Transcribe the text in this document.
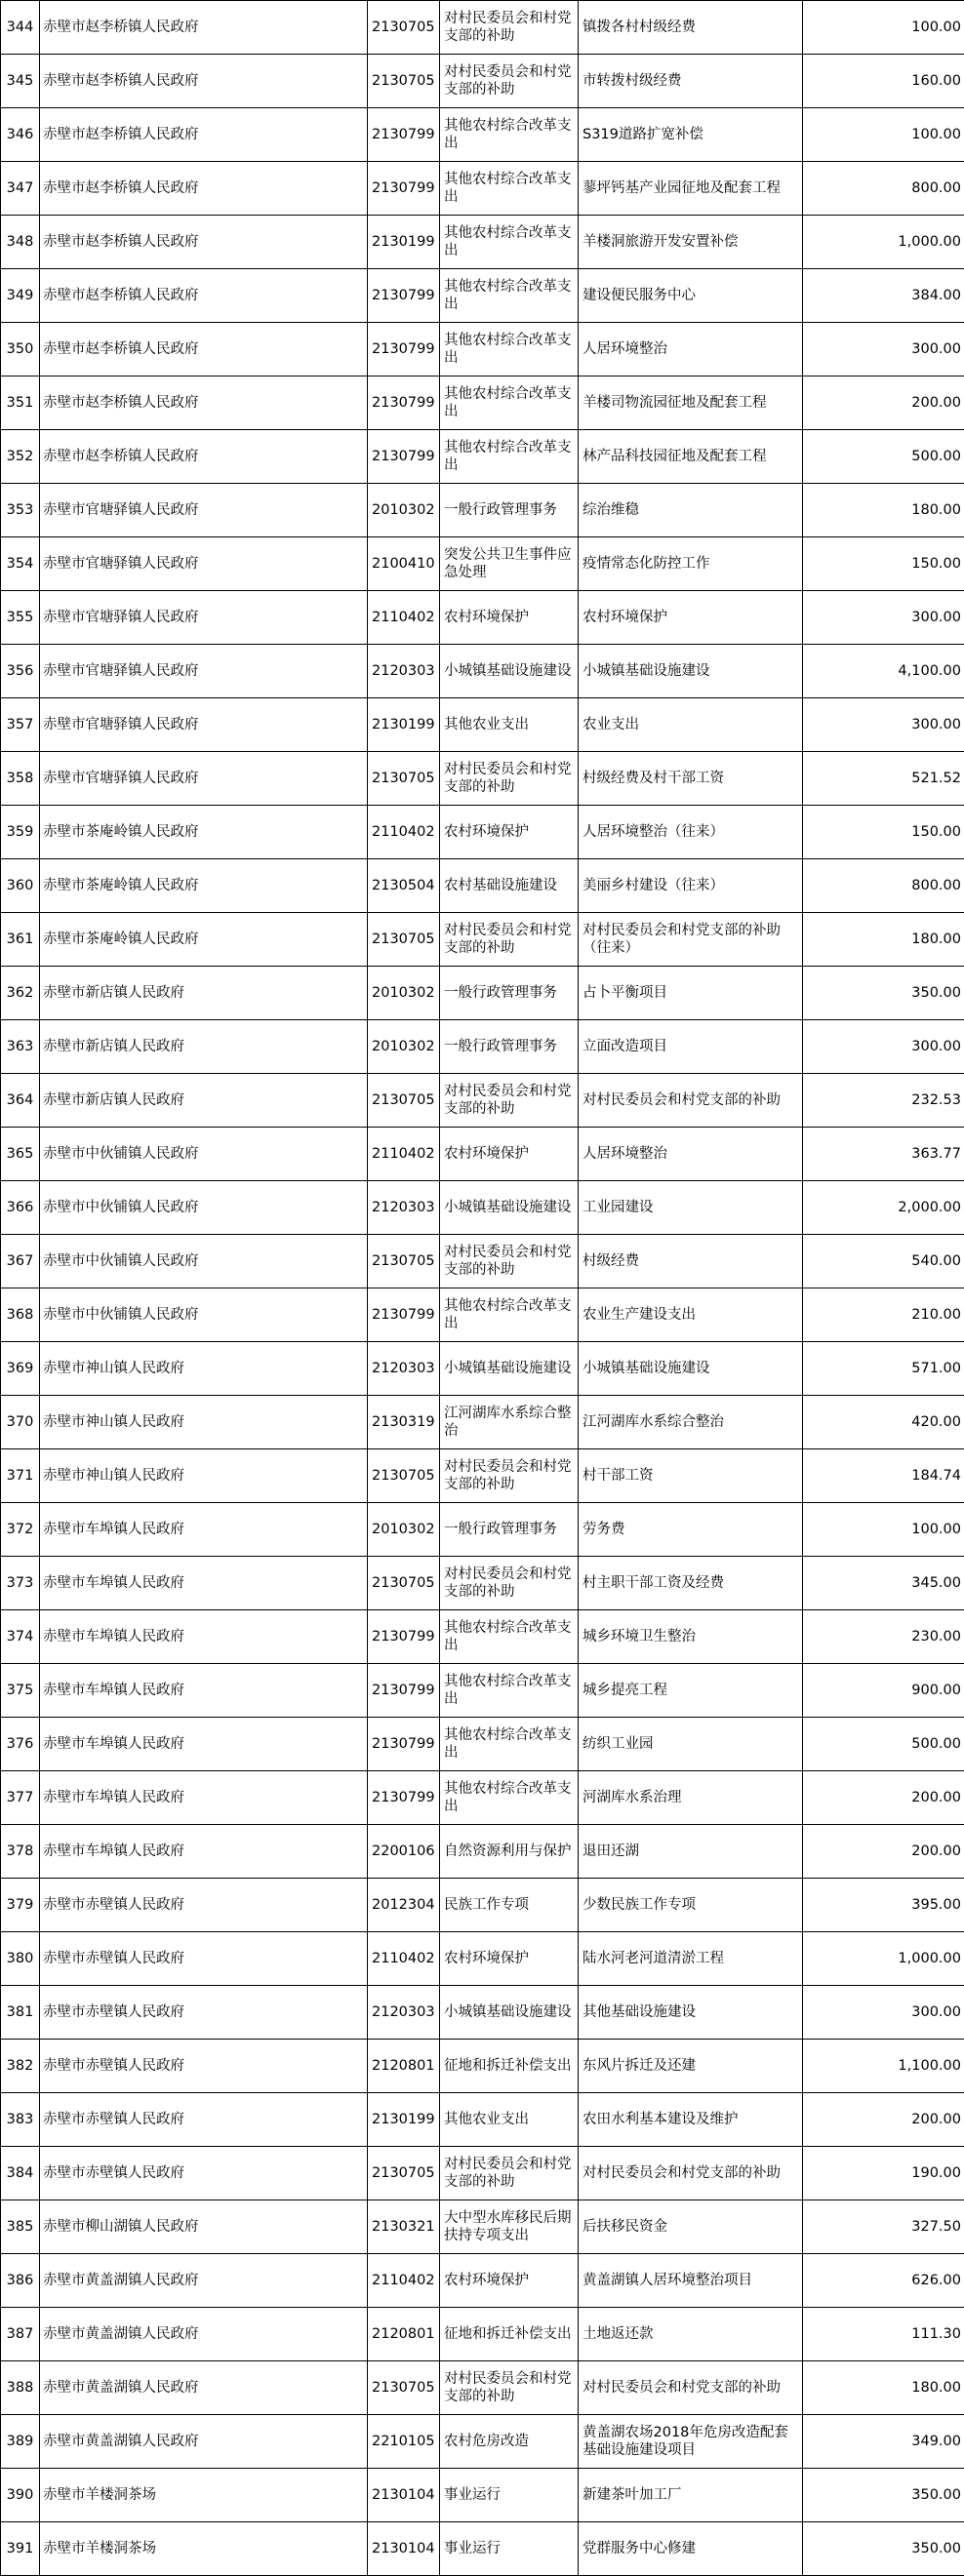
344	赤壁市赵李桥镇人民政府	2130705	对村民委员会和村党支部的补助	镇拨各村村级经费	100.00
345	赤壁市赵李桥镇人民政府	2130705	对村民委员会和村党支部的补助	市转拨村级经费	160.00
346	赤壁市赵李桥镇人民政府	2130799	其他农村综合改革支出	S319道路扩宽补偿	100.00
347	赤壁市赵李桥镇人民政府	2130799	其他农村综合改革支出	蓼坪钙基产业园征地及配套工程	800.00
348	赤壁市赵李桥镇人民政府	2130199	其他农村综合改革支出	羊楼洞旅游开发安置补偿	1,000.00
349	赤壁市赵李桥镇人民政府	2130799	其他农村综合改革支出	建设便民服务中心	384.00
350	赤壁市赵李桥镇人民政府	2130799	其他农村综合改革支出	人居环境整治	300.00
351	赤壁市赵李桥镇人民政府	2130799	其他农村综合改革支出	羊楼司物流园征地及配套工程	200.00
352	赤壁市赵李桥镇人民政府	2130799	其他农村综合改革支出	林产品科技园征地及配套工程	500.00
353	赤壁市官塘驿镇人民政府	2010302	一般行政管理事务	综治维稳	180.00
354	赤壁市官塘驿镇人民政府	2100410	突发公共卫生事件应急处理	疫情常态化防控工作	150.00
355	赤壁市官塘驿镇人民政府	2110402	农村环境保护	农村环境保护	300.00
356	赤壁市官塘驿镇人民政府	2120303	小城镇基础设施建设	小城镇基础设施建设	4,100.00
357	赤壁市官塘驿镇人民政府	2130199	其他农业支出	农业支出	300.00
358	赤壁市官塘驿镇人民政府	2130705	对村民委员会和村党支部的补助	村级经费及村干部工资	521.52
359	赤壁市茶庵岭镇人民政府	2110402	农村环境保护	人居环境整治（往来）	150.00
360	赤壁市茶庵岭镇人民政府	2130504	农村基础设施建设	美丽乡村建设（往来）	800.00
361	赤壁市茶庵岭镇人民政府	2130705	对村民委员会和村党支部的补助	对村民委员会和村党支部的补助（往来）	180.00
362	赤壁市新店镇人民政府	2010302	一般行政管理事务	占卜平衡项目	350.00
363	赤壁市新店镇人民政府	2010302	一般行政管理事务	立面改造项目	300.00
364	赤壁市新店镇人民政府	2130705	对村民委员会和村党支部的补助	对村民委员会和村党支部的补助	232.53
365	赤壁市中伙铺镇人民政府	2110402	农村环境保护	人居环境整治	363.77
366	赤壁市中伙铺镇人民政府	2120303	小城镇基础设施建设	工业园建设	2,000.00
367	赤壁市中伙铺镇人民政府	2130705	对村民委员会和村党支部的补助	村级经费	540.00
368	赤壁市中伙铺镇人民政府	2130799	其他农村综合改革支出	农业生产建设支出	210.00
369	赤壁市神山镇人民政府	2120303	小城镇基础设施建设	小城镇基础设施建设	571.00
370	赤壁市神山镇人民政府	2130319	江河湖库水系综合整治	江河湖库水系综合整治	420.00
371	赤壁市神山镇人民政府	2130705	对村民委员会和村党支部的补助	村干部工资	184.74
372	赤壁市车埠镇人民政府	2010302	一般行政管理事务	劳务费	100.00
373	赤壁市车埠镇人民政府	2130705	对村民委员会和村党支部的补助	村主职干部工资及经费	345.00
374	赤壁市车埠镇人民政府	2130799	其他农村综合改革支出	城乡环境卫生整治	230.00
375	赤壁市车埠镇人民政府	2130799	其他农村综合改革支出	城乡提亮工程	900.00
376	赤壁市车埠镇人民政府	2130799	其他农村综合改革支出	纺织工业园	500.00
377	赤壁市车埠镇人民政府	2130799	其他农村综合改革支出	河湖库水系治理	200.00
378	赤壁市车埠镇人民政府	2200106	自然资源利用与保护	退田还湖	200.00
379	赤壁市赤壁镇人民政府	2012304	民族工作专项	少数民族工作专项	395.00
380	赤壁市赤壁镇人民政府	2110402	农村环境保护	陆水河老河道清淤工程	1,000.00
381	赤壁市赤壁镇人民政府	2120303	小城镇基础设施建设	其他基础设施建设	300.00
382	赤壁市赤壁镇人民政府	2120801	征地和拆迁补偿支出	东风片拆迁及还建	1,100.00
383	赤壁市赤壁镇人民政府	2130199	其他农业支出	农田水利基本建设及维护	200.00
384	赤壁市赤壁镇人民政府	2130705	对村民委员会和村党支部的补助	对村民委员会和村党支部的补助	190.00
385	赤壁市柳山湖镇人民政府	2130321	大中型水库移民后期扶持专项支出	后扶移民资金	327.50
386	赤壁市黄盖湖镇人民政府	2110402	农村环境保护	黄盖湖镇人居环境整治项目	626.00
387	赤壁市黄盖湖镇人民政府	2120801	征地和拆迁补偿支出	土地返还款	111.30
388	赤壁市黄盖湖镇人民政府	2130705	对村民委员会和村党支部的补助	对村民委员会和村党支部的补助	180.00
389	赤壁市黄盖湖镇人民政府	2210105	农村危房改造	黄盖湖农场2018年危房改造配套基础设施建设项目	349.00
390	赤壁市羊楼洞茶场	2130104	事业运行	新建茶叶加工厂	350.00
391	赤壁市羊楼洞茶场	2130104	事业运行	党群服务中心修建	350.00
